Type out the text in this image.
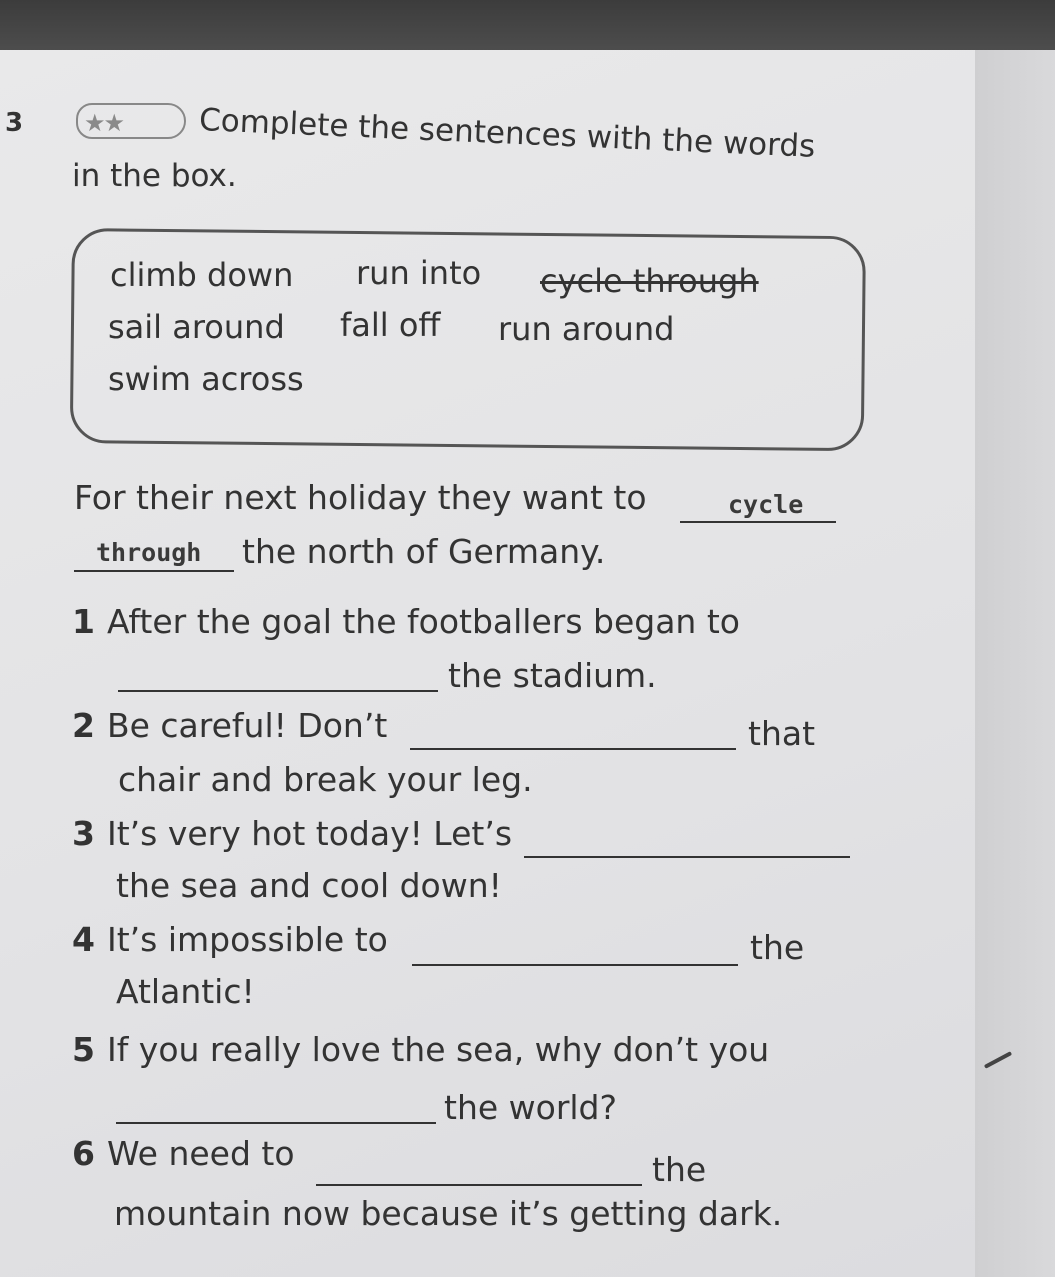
3	★★	Complete the sentences with the words
in the box.
climb down run into cycle through
sail around fall off run around
swim across
For their next holiday they want to	cycle
through the north of Germany.
1 After the goal the footballers began to
the stadium.
2 Be careful! Don’t	that
chair and break your leg.
3 It’s very hot today! Let’s
the sea and cool down!
4 It’s impossible to	the
Atlantic!
5 If you really love the sea, why don’t you
the world?
6 We need to	the
mountain now because it’s getting dark.
